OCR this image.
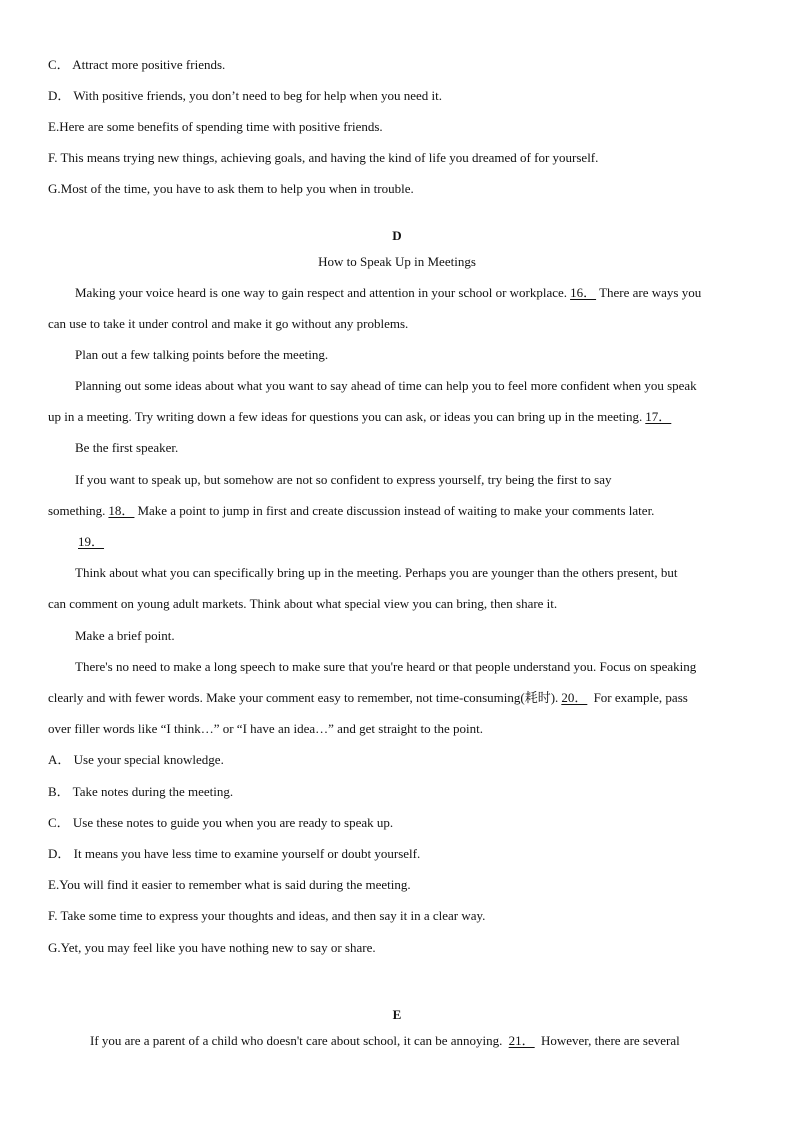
C． Attract more positive friends.
D． With positive friends, you don’t need to beg for help when you need it.
E.Here are some benefits of spending time with positive friends.
F. This means trying new things, achieving goals, and having the kind of life you dreamed of for yourself.
G.Most of the time, you have to ask them to help you when in trouble.
D
How to Speak Up in Meetings
Making your voice heard is one way to gain respect and attention in your school or workplace. 16． There are ways you
can use to take it under control and make it go without any problems.
Plan out a few talking points before the meeting.
Planning out some ideas about what you want to say ahead of time can help you to feel more confident when you speak
up in a meeting. Try writing down a few ideas for questions you can ask, or ideas you can bring up in the meeting. 17．
Be the first speaker.
If you want to speak up, but somehow are not so confident to express yourself, try being the first to say
something. 18． Make a point to jump in first and create discussion instead of waiting to make your comments later.
19．
Think about what you can specifically bring up in the meeting. Perhaps you are younger than the others present, but
can comment on young adult markets. Think about what special view you can bring, then share it.
Make a brief point.
There's no need to make a long speech to make sure that you're heard or that people understand you. Focus on speaking
clearly and with fewer words. Make your comment easy to remember, not time-consuming(耗时). 20． For example, pass
over filler words like “I think…” or “I have an idea…” and get straight to the point.
A． Use your special knowledge.
B． Take notes during the meeting.
C． Use these notes to guide you when you are ready to speak up.
D． It means you have less time to examine yourself or doubt yourself.
E.You will find it easier to remember what is said during the meeting.
F. Take some time to express your thoughts and ideas, and then say it in a clear way.
G.Yet, you may feel like you have nothing new to say or share.
E
If you are a parent of a child who doesn't care about school, it can be annoying. 21． However, there are several
